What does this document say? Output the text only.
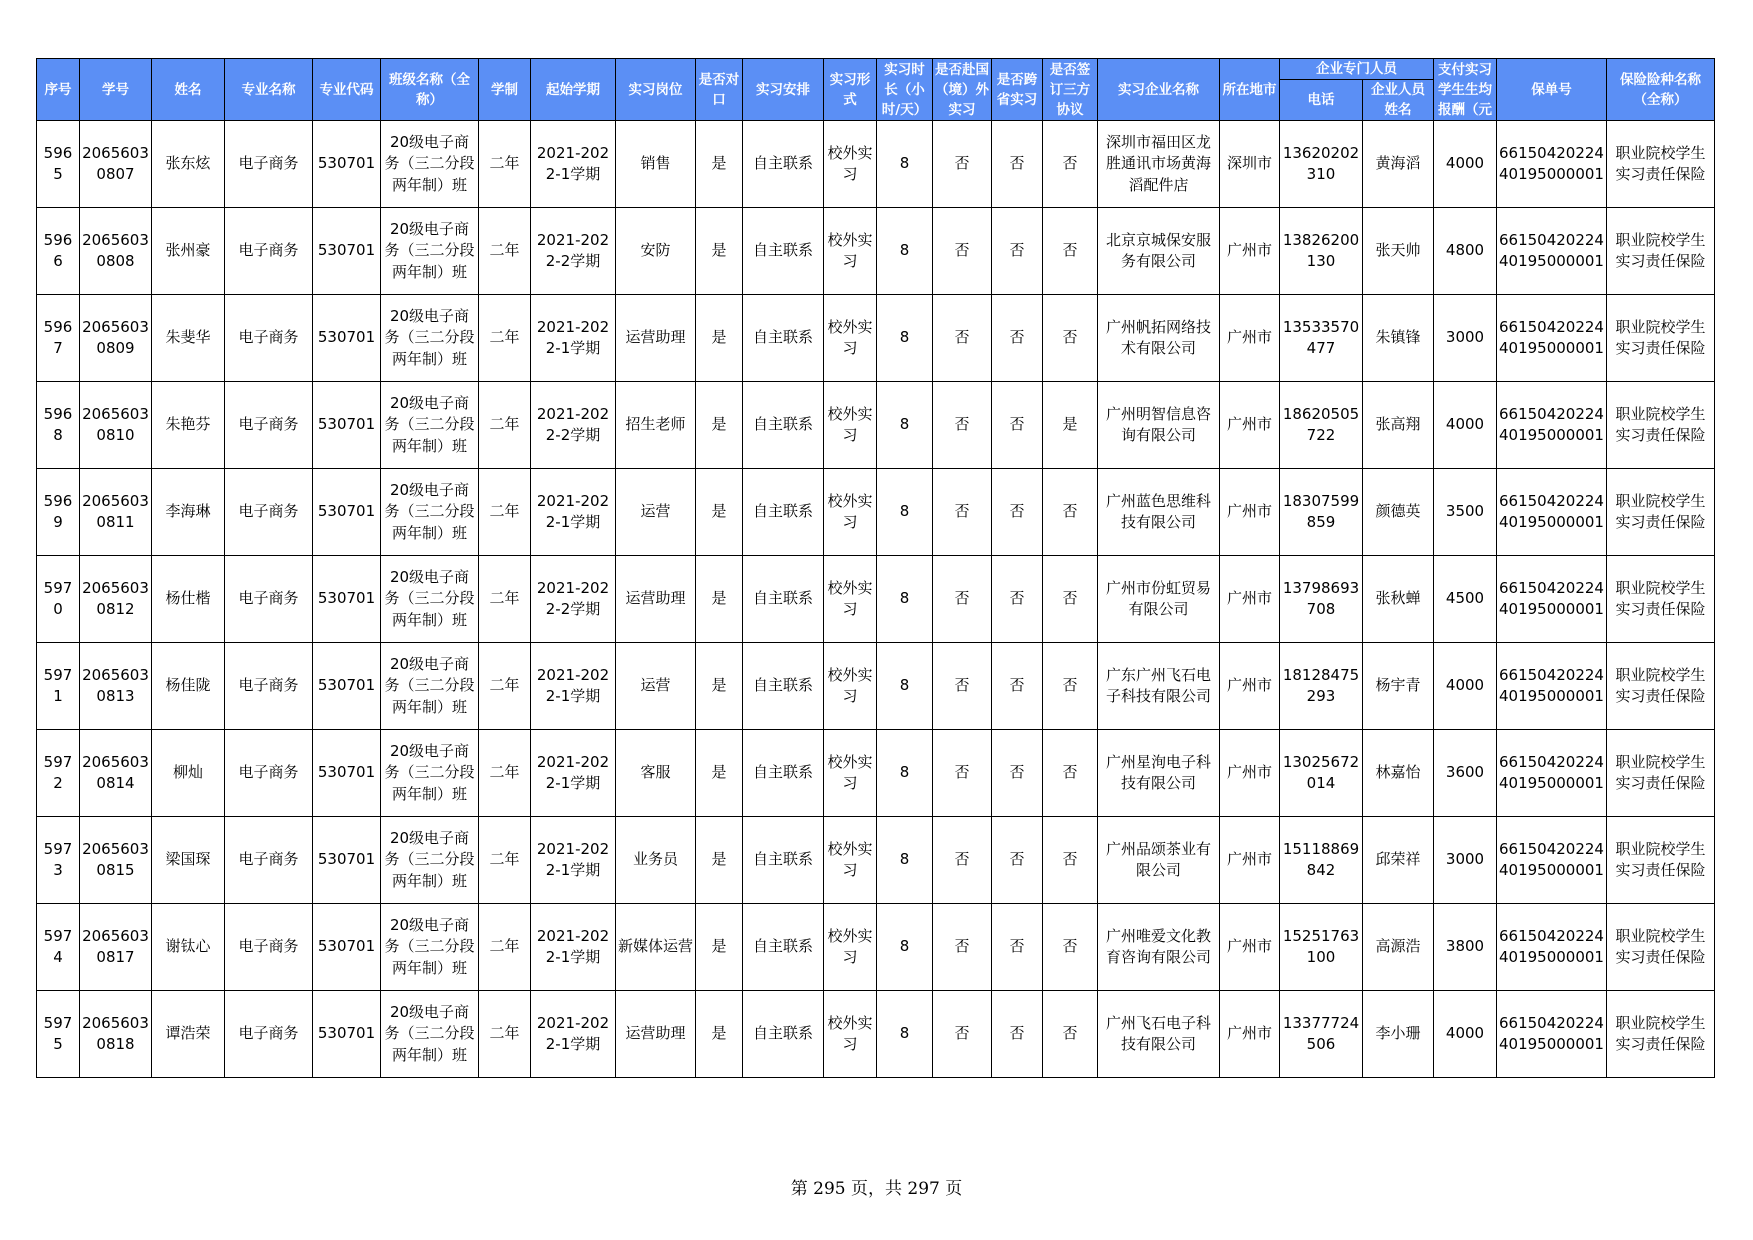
序号	学号	姓名	专业名称	专业代码	班级名称（全称）	学制	起始学期	实习岗位	是否对口	实习安排	实习形式	实习时长（小时/天）	是否赴国（境）外实习	是否跨省实习	是否签订三方协议	实习企业名称	所在地市	企业专门人员		支付实习学生生均报酬（元	保单号	保险险种名称（全称）
																		电话	企业人员姓名			
5965	20656030807	张东炫	电子商务	530701	20级电子商务（三二分段两年制）班	二年	2021-2022-1学期	销售	是	自主联系	校外实习	8	否	否	否	深圳市福田区龙胜通讯市场黄海滔配件店	深圳市	13620202310	黄海滔	4000	6615042022440195000001	职业院校学生实习责任保险
5966	20656030808	张州豪	电子商务	530701	20级电子商务（三二分段两年制）班	二年	2021-2022-2学期	安防	是	自主联系	校外实习	8	否	否	否	北京京城保安服务有限公司	广州市	13826200130	张天帅	4800	6615042022440195000001	职业院校学生实习责任保险
5967	20656030809	朱斐华	电子商务	530701	20级电子商务（三二分段两年制）班	二年	2021-2022-1学期	运营助理	是	自主联系	校外实习	8	否	否	否	广州帆拓网络技术有限公司	广州市	13533570477	朱镇锋	3000	6615042022440195000001	职业院校学生实习责任保险
5968	20656030810	朱艳芬	电子商务	530701	20级电子商务（三二分段两年制）班	二年	2021-2022-2学期	招生老师	是	自主联系	校外实习	8	否	否	是	广州明智信息咨询有限公司	广州市	18620505722	张高翔	4000	6615042022440195000001	职业院校学生实习责任保险
5969	20656030811	李海琳	电子商务	530701	20级电子商务（三二分段两年制）班	二年	2021-2022-1学期	运营	是	自主联系	校外实习	8	否	否	否	广州蓝色思维科技有限公司	广州市	18307599859	颜德英	3500	6615042022440195000001	职业院校学生实习责任保险
5970	20656030812	杨仕楷	电子商务	530701	20级电子商务（三二分段两年制）班	二年	2021-2022-2学期	运营助理	是	自主联系	校外实习	8	否	否	否	广州市份虹贸易有限公司	广州市	13798693708	张秋蝉	4500	6615042022440195000001	职业院校学生实习责任保险
5971	20656030813	杨佳陇	电子商务	530701	20级电子商务（三二分段两年制）班	二年	2021-2022-1学期	运营	是	自主联系	校外实习	8	否	否	否	广东广州飞石电子科技有限公司	广州市	18128475293	杨宇青	4000	6615042022440195000001	职业院校学生实习责任保险
5972	20656030814	柳灿	电子商务	530701	20级电子商务（三二分段两年制）班	二年	2021-2022-1学期	客服	是	自主联系	校外实习	8	否	否	否	广州星洵电子科技有限公司	广州市	13025672014	林嘉怡	3600	6615042022440195000001	职业院校学生实习责任保险
5973	20656030815	梁国琛	电子商务	530701	20级电子商务（三二分段两年制）班	二年	2021-2022-1学期	业务员	是	自主联系	校外实习	8	否	否	否	广州品颂茶业有限公司	广州市	15118869842	邱荣祥	3000	6615042022440195000001	职业院校学生实习责任保险
5974	20656030817	谢钛心	电子商务	530701	20级电子商务（三二分段两年制）班	二年	2021-2022-1学期	新媒体运营	是	自主联系	校外实习	8	否	否	否	广州唯爱文化教育咨询有限公司	广州市	15251763100	高源浩	3800	6615042022440195000001	职业院校学生实习责任保险
5975	20656030818	谭浩荣	电子商务	530701	20级电子商务（三二分段两年制）班	二年	2021-2022-1学期	运营助理	是	自主联系	校外实习	8	否	否	否	广州飞石电子科技有限公司	广州市	13377724506	李小珊	4000	6615042022440195000001	职业院校学生实习责任保险
第 295 页，共 297 页
